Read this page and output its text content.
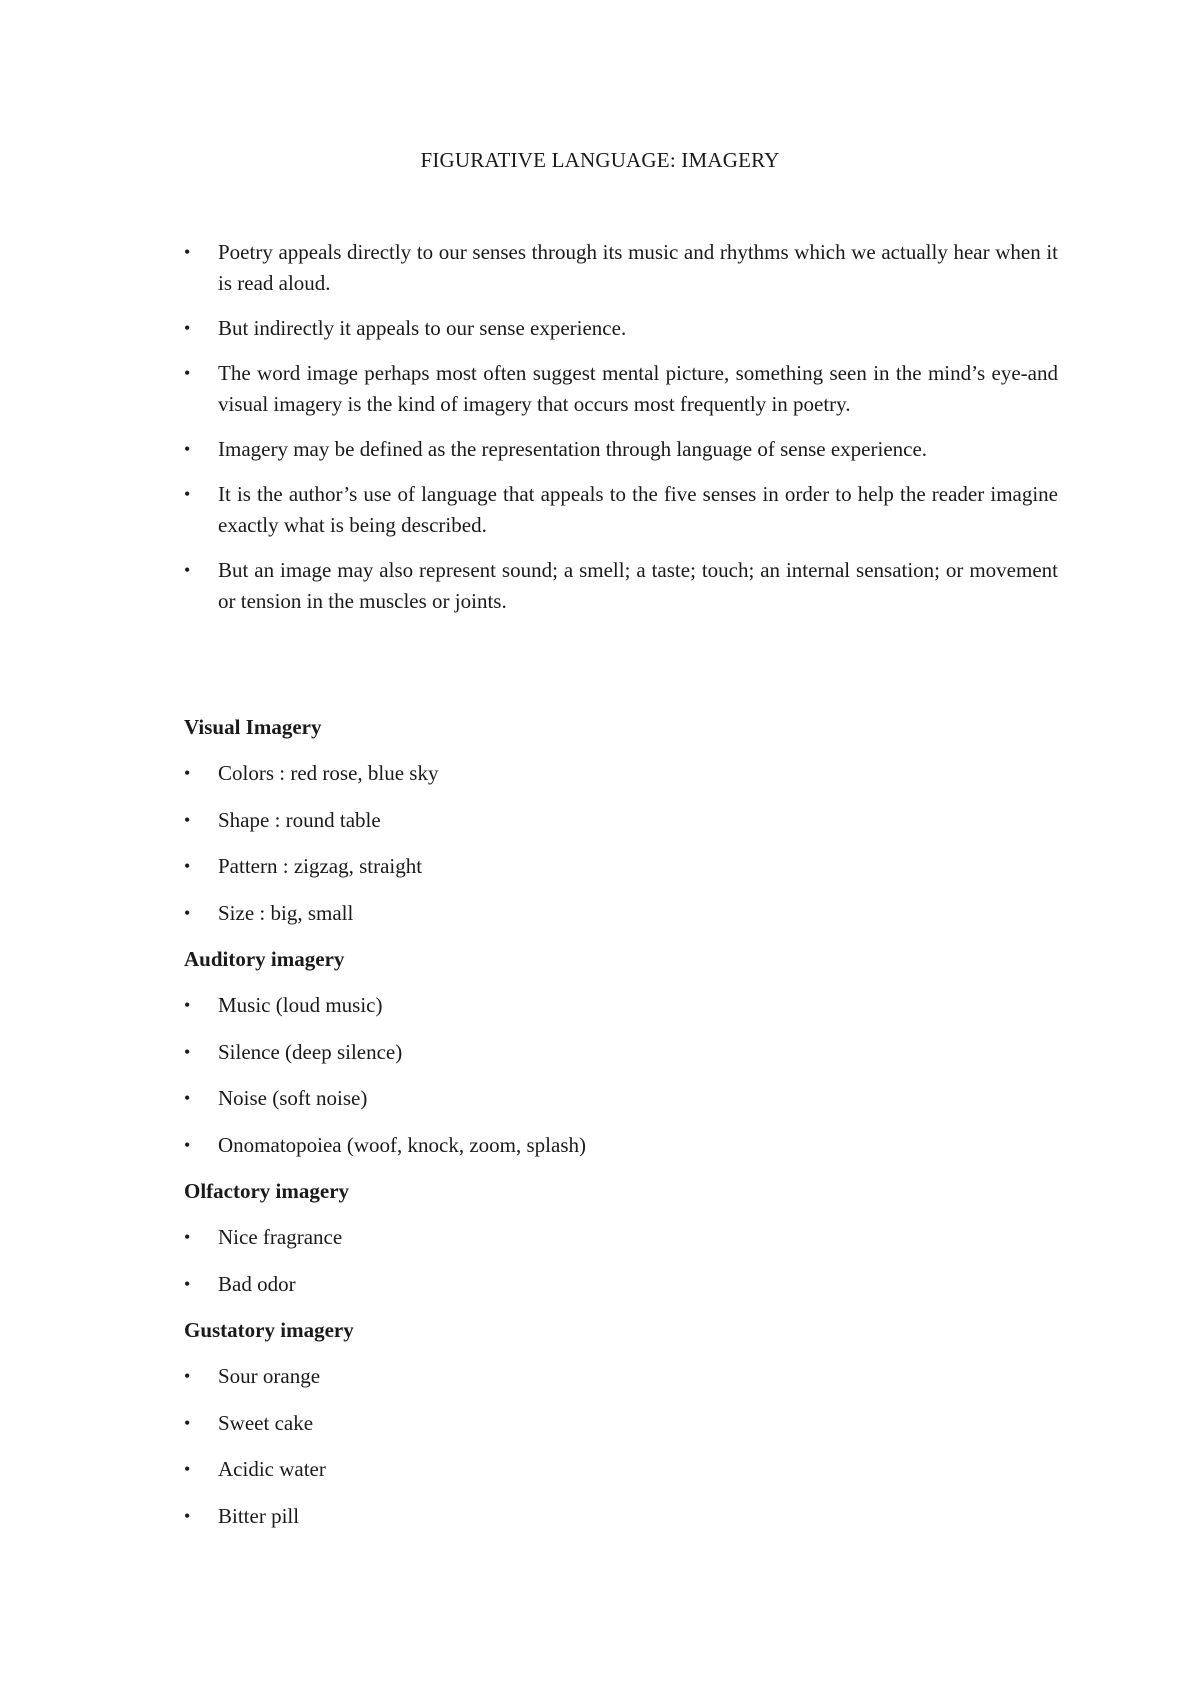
FIGURATIVE LANGUAGE: IMAGERY
•	Poetry appeals directly to our senses through its music and rhythms which we actually hear when it is read aloud.
•	But indirectly it appeals to our sense experience.
•	The word image perhaps most often suggest mental picture, something seen in the mind’s eye-and visual imagery is the kind of imagery that occurs most frequently in poetry.
•	Imagery may be defined as the representation through language of sense experience.
•	It is the author’s use of language that appeals to the five senses in order to help the reader imagine exactly what is being described.
•	But an image may also represent sound; a smell; a taste; touch; an internal sensation; or movement or tension in the muscles or joints.
Visual Imagery
•	Colors : red rose, blue sky
•	Shape : round table
•	Pattern : zigzag, straight
•	Size : big, small
Auditory imagery
•	Music (loud music)
•	Silence (deep silence)
•	Noise (soft noise)
•	Onomatopoiea (woof, knock, zoom, splash)
Olfactory imagery
•	Nice fragrance
•	Bad odor
Gustatory imagery
•	Sour orange
•	Sweet cake
•	Acidic water
•	Bitter pill
